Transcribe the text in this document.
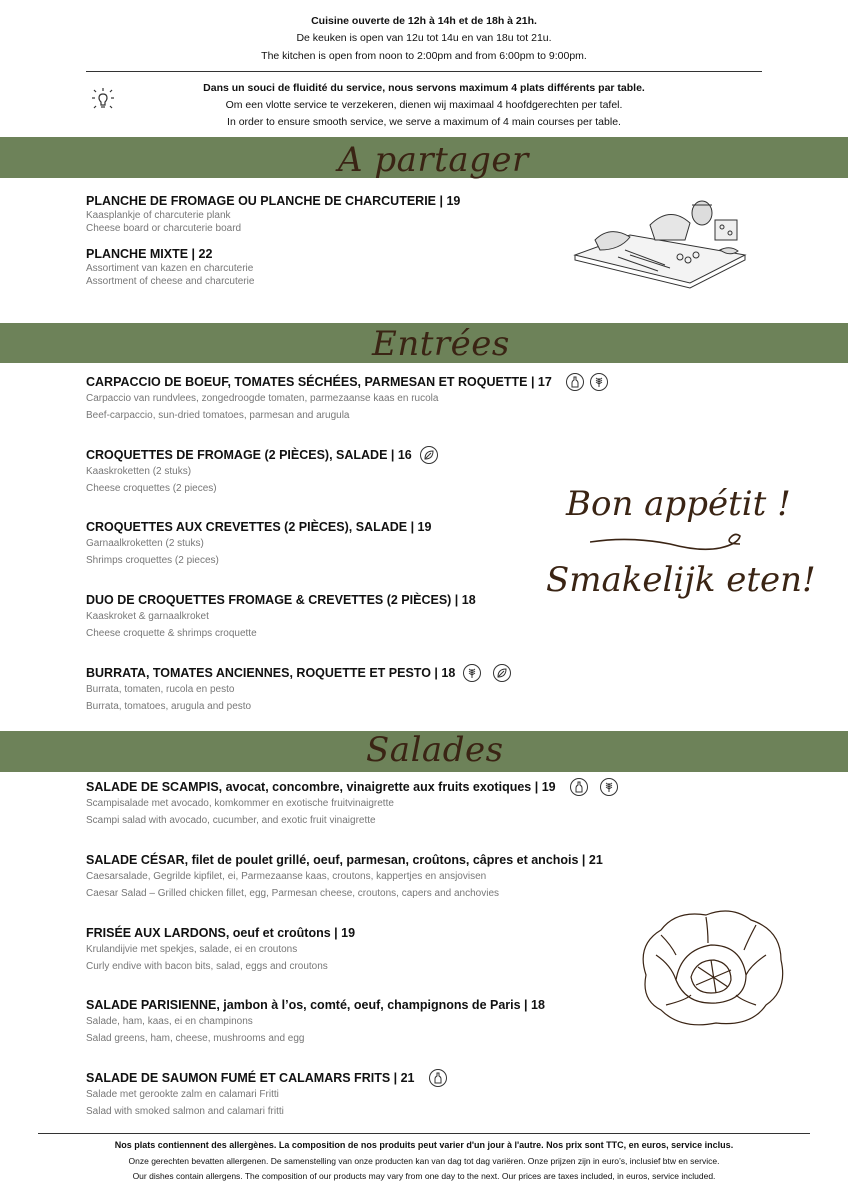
Cuisine ouverte de 12h à 14h et de 18h à 21h.
De keuken is open van 12u tot 14u en van 18u tot 21u.
The kitchen is open from noon to 2:00pm and from 6:00pm to 9:00pm.
Dans un souci de fluidité du service, nous servons maximum 4 plats différents par table.
Om een vlotte service te verzekeren, dienen wij maximaal 4 hoofdgerechten per tafel.
In order to ensure smooth service, we serve a maximum of 4 main courses per table.
A partager
PLANCHE DE FROMAGE OU PLANCHE DE CHARCUTERIE | 19
Kaasplankje of charcuterie plank
Cheese board or charcuterie board
PLANCHE MIXTE | 22
Assortiment van kazen en charcuterie
Assortment of cheese and charcuterie
Entrées
CARPACCIO DE BOEUF, TOMATES SÉCHÉES, PARMESAN ET ROQUETTE | 17
Carpaccio van rundvlees, zongedroogde tomaten, parmezaanse kaas en rucola
Beef-carpaccio, sun-dried tomatoes, parmesan and arugula
CROQUETTES DE FROMAGE (2 PIÈCES), SALADE | 16
Kaaskroketten (2 stuks)
Cheese croquettes (2 pieces)
CROQUETTES AUX CREVETTES (2 PIÈCES), SALADE | 19
Garnaalkroketten (2 stuks)
Shrimps croquettes (2 pieces)
DUO DE CROQUETTES FROMAGE & CREVETTES (2 PIÈCES) | 18
Kaaskroket & garnaalkroket
Cheese croquette & shrimps croquette
BURRATA, TOMATES ANCIENNES, ROQUETTE ET PESTO | 18
Burrata, tomaten, rucola en pesto
Burrata, tomatoes, arugula and pesto
Bon appétit !
Smakelijk eten!
Salades
SALADE DE SCAMPIS, avocat, concombre, vinaigrette aux fruits exotiques | 19
Scampisalade met avocado, komkommer en exotische fruitvinaigrette
Scampi salad with avocado, cucumber, and exotic fruit vinaigrette
SALADE CÉSAR, filet de poulet grillé, oeuf, parmesan, croûtons, câpres et anchois | 21
Caesarsalade, Gegrilde kipfilet, ei, Parmezaanse kaas, croutons, kappertjes en ansjovisen
Caesar Salad – Grilled chicken fillet, egg, Parmesan cheese, croutons, capers and anchovies
FRISÉE AUX LARDONS, oeuf et croûtons | 19
Krulandijvie met spekjes, salade, ei en croutons
Curly endive with bacon bits, salad, eggs and croutons
SALADE PARISIENNE, jambon à l’os, comté, oeuf, champignons de Paris | 18
Salade, ham, kaas, ei en champinons
Salad greens, ham, cheese, mushrooms and egg
SALADE DE SAUMON FUMÉ ET CALAMARS FRITS | 21
Salade met gerookte zalm en calamari Fritti
Salad with smoked salmon and calamari fritti
Nos plats contiennent des allergènes. La composition de nos produits peut varier d'un jour à l'autre. Nos prix sont TTC, en euros, service inclus.
Onze gerechten bevatten allergenen. De samenstelling van onze producten kan van dag tot dag variëren. Onze prijzen zijn in euro’s, inclusief btw en service.
Our dishes contain allergens. The composition of our products may vary from one day to the next. Our prices are taxes included, in euros, service included.
